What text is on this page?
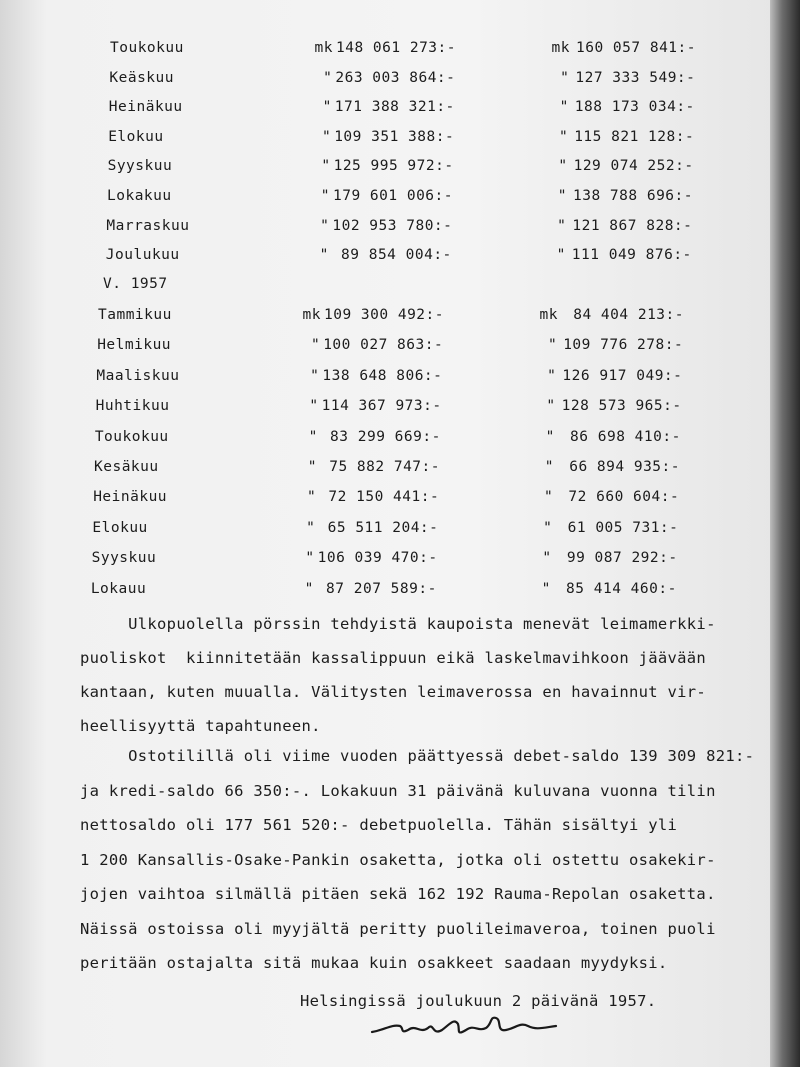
Toukokuu	mk 148 061 273:-	mk 160 057 841:-
Keäskuu	" 263 003 864:-	" 127 333 549:-
Heinäkuu	" 171 388 321:-	" 188 173 034:-
Elokuu	" 109 351 388:-	" 115 821 128:-
Syyskuu	" 125 995 972:-	" 129 074 252:-
Lokakuu	" 179 601 006:-	" 138 788 696:-
Marraskuu	" 102 953 780:-	" 121 867 828:-
Joulukuu	" 89 854 004:-	" 111 049 876:-
Tammikuu	mk 109 300 492:-	mk 84 404 213:-
Helmikuu	" 100 027 863:-	" 109 776 278:-
Maaliskuu	" 138 648 806:-	" 126 917 049:-
Huhtikuu	" 114 367 973:-	" 128 573 965:-
Toukokuu	" 83 299 669:-	" 86 698 410:-
Kesäkuu	" 75 882 747:-	" 66 894 935:-
Heinäkuu	" 72 150 441:-	" 72 660 604:-
Elokuu	" 65 511 204:-	" 61 005 731:-
Syyskuu	" 106 039 470:-	" 99 087 292:-
Lokauu	" 87 207 589:-	" 85 414 460:-
V. 1957
Ulkopuolella pörssin tehdyistä kaupoista menevät leimamerkki-
puoliskot  kiinnitetään kassalippuun eikä laskelmavihkoon jäävään
kantaan, kuten muualla. Välitysten leimaverossa en havainnut vir-
heellisyyttä tapahtuneen.
Ostotilillä oli viime vuoden päättyessä debet-saldo 139 309 821:-
ja kredi-saldo 66 350:-. Lokakuun 31 päivänä kuluvana vuonna tilin
nettosaldo oli 177 561 520:- debetpuolella. Tähän sisältyi yli
1 200 Kansallis-Osake-Pankin osaketta, jotka oli ostettu osakekir-
jojen vaihtoa silmällä pitäen sekä 162 192 Rauma-Repolan osaketta.
Näissä ostoissa oli myyjältä peritty puolileimaveroa, toinen puoli
peritään ostajalta sitä mukaa kuin osakkeet saadaan myydyksi.
Helsingissä joulukuun 2 päivänä 1957.
